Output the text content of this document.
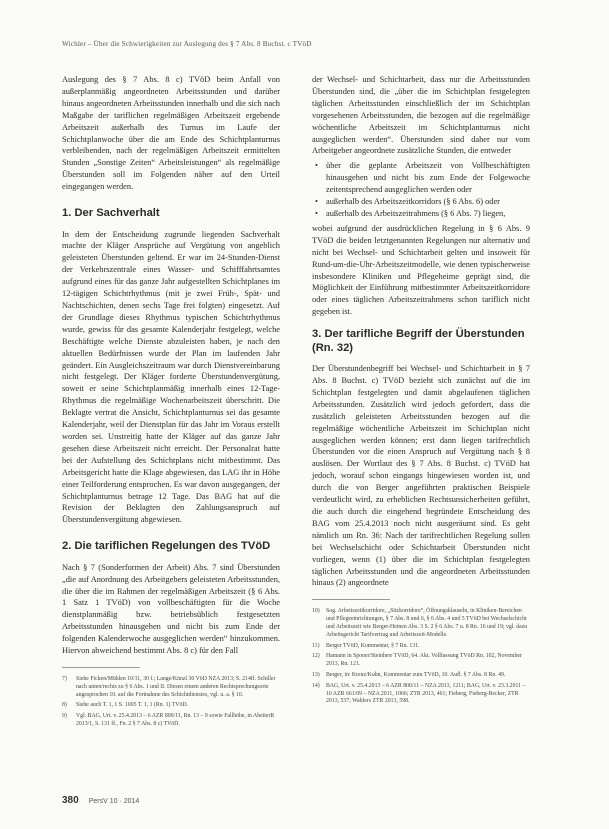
Wichler – Über die Schwierigkeiten zur Auslegung des § 7 Abs. 8 Buchst. c TVöD

Auslegung des § 7 Abs. 8 c) TVöD beim Anfall von außerplanmäßig angeordneten Arbeitsstunden und darüber hinaus angeordneten Arbeitsstunden innerhalb und die sich nach Maßgabe der tariflichen regelmäßigen Arbeitszeit ergebende Arbeitszeit außerhalb des Turnus im Laufe der Schichtplanwoche über die am Ende des Schichtplanturnus verbleibenden, nach der regelmäßigen Arbeitszeit ermittelten Stunden „Sonstige Zeiten“ Arbeitsleistungen“ als regelmäßige Überstunden soll im Folgenden näher auf den Urteil eingegangen werden.

1. Der Sachverhalt

In dem der Entscheidung zugrunde liegenden Sachverhalt machte der Kläger Ansprüche auf Vergütung von angeblich geleisteten Überstunden geltend. Er war im 24-Stunden-Dienst der Verkehrszentrale eines Wasser- und Schifffahrtsamtes aufgrund eines für das ganze Jahr aufgestellten Schichtplanes im 12-tägigen Schichtrhythmus (mit je zwei Früh-, Spät- und Nachtschichten, denen sechs Tage frei folgten) eingesetzt. Auf der Grundlage dieses Rhythmus typischen Schichtrhythmus wurde, gewiss für das gesamte Kalenderjahr festgelegt, welche Beschäftigte welche Dienste abzuleisten haben, je nach den aktuellen Bedürfnissen wurde der Plan im laufenden Jahr geändert. Ein Ausgleichszeitraum war durch Dienstvereinbarung nicht festgelegt. Der Kläger forderte Überstundenvergütung, soweit er seine Schichtplanmäßig innerhalb eines 12-Tage-Rhythmus die regelmäßige Wochenarbeitszeit überschritt. Die Beklagte vertrat die Ansicht, Schichtplanturnus sei das gesamte Kalenderjahr, weil der Dienstplan für das Jahr im Voraus erstellt worden sei. Unstreitig hatte der Kläger auf das ganze Jahr gesehen diese Arbeitszeit nicht erreicht. Der Personalrat hatte bei der Aufstellung des Schichtplans nicht mitbestimmt. Das Arbeitsgericht hatte die Klage abgewiesen, das LAG ihr in Höhe einer Teilforderung entsprochen. Es war davon ausgegangen, der Schichtplanturnus betrage 12 Tage. Das BAG hat auf die Revision der Beklagten den Zahlungsanspruch auf Überstundenvergütung abgewiesen.

2. Die tariflichen Regelungen des TVöD

Nach § 7 (Sonderformen der Arbeit) Abs. 7 sind Überstunden „die auf Anordnung des Arbeitgebers geleisteten Arbeitsstunden, die über die im Rahmen der regelmäßigen Arbeitszeit (§ 6 Abs. 1 Satz 1 TVöD) von vollbeschäftigten für die Woche dienstplanmäßig bzw. betriebsüblich festgesetzten Arbeitsstunden hinausgehen und nicht bis zum Ende der folgenden Kalenderwoche ausgeglichen werden“ hinzukommen. Hiervon abweichend bestimmt Abs. 8 c) für den Fall

7)	Siehe Ficken/Mühlen 10/11, 30 f.; Lange/Künzl 30 VöD NZA 2013; S. 214ff. Schiller nach unten/rechts zu § 6 Abs. 1 und II. Diesen einem anderen Rechtsprechungsorte angesprochen 10. auf die Fortnahme des Schichtdienstes, vgl. u. a. § 10.
8)	Siehe auch T. 1, 1 S. 1005 T. 1, 1 (Rn. 1) TVöD.
9)	Vgl. BAG, Urt. v. 25.4.2013 – 6 AZR 800/11, Rn. 13 – 9 sowie Fallhöhe, in AbeiterR 2013/1, S. 131 ff., Fn. 2 § 7 Abs. 8 c) TVöD.

der Wechsel- und Schichtarbeit, dass nur die Arbeitsstunden Überstunden sind, die „über die im Schichtplan festgelegten täglichen Arbeitsstunden einschließlich der im Schichtplan vorgesehenen Arbeitsstunden, die bezogen auf die regelmäßige wöchentliche Arbeitszeit im Schichtplanturnus nicht ausgeglichen werden“. Überstunden sind daher nur vom Arbeitgeber angeordnete zusätzliche Stunden, die entweder

• über die geplante Arbeitszeit von Vollbeschäftigten hinausgehen und nicht bis zum Ende der Folgewoche zeitentsprechend ausgeglichen werden oder
• außerhalb des Arbeitszeitkorridors (§ 6 Abs. 6) oder
• außerhalb des Arbeitszeitrahmens (§ 6 Abs. 7) liegen,

wobei aufgrund der ausdrücklichen Regelung in § 6 Abs. 9 TVöD die beiden letztgenannten Regelungen nur alternativ und nicht bei Wechsel- und Schichtarbeit gelten und insoweit für Rund-um-die-Uhr-Arbeitszeitmodelle, wie denen typischerweise insbesondere Kliniken und Pflegeheime geprägt sind, die Möglichkeit der Einführung mitbestimmter Arbeitszeitkorridore oder eines täglichen Arbeitszeitrahmens schon tariflich nicht gegeben ist.

3. Der tarifliche Begriff der Überstunden (Rn. 32)

Der Überstundenbegriff bei Wechsel- und Schichtarbeit in § 7 Abs. 8 Buchst. c) TVöD bezieht sich zunächst auf die im Schichtplan festgelegten und damit abgelaufenen täglichen Arbeitsstunden. Zusätzlich wird jedoch gefordert, dass die zusätzlich geleisteten Arbeitsstunden bezogen auf die regelmäßige wöchentliche Arbeitszeit im Schichtplan nicht ausgeglichen werden können; erst dann liegen tarifrechtlich Überstunden vor die einen Anspruch auf Vergütung nach § 8 auslösen. Der Wortlaut des § 7 Abs. 8 Buchst. c) TVöD hat jedoch, worauf schon eingangs hingewiesen worden ist, und durch die von Berger angeführten praktischen Beispiele verdeutlicht wird, zu erheblichen Rechtsunsicherheiten geführt, die auch durch die eingehend begründete Entscheidung des BAG vom 25.4.2013 noch nicht ausgeräumt sind. Es geht nämlich um Rn. 36: Nach der tarifrechtlichen Regelung sollen bei Wechselschicht oder Schichtarbeit Überstunden nicht vorliegen, wenn (1) über die im Schichtplan festgelegten täglichen Arbeitsstunden und die angeordneten Arbeitsstunden hinaus (2) angeordnete

10)	Sog. Arbeitszeitkorridore, „Sitzkorridore“, Öffnungsklauseln, in Kliniken-Bereichen und Pflegeeinrichtungen, § 7 Abs. 8 und 6, § 6 Abs. 4 und 5 TVöD bei Wechselschicht und Arbeitszeit wie Berger-Heinen Abs. 3 S. 2 § 6 Abs. 7 u. 8 Rn. 16 und 19; vgl. dazu Arbeitsgericht Tarifvertrag und Arbeitszeit-Modelle.
11)	Berger TVöD, Kommentar, § 7 Rn. 131.
12)	Hamann in Sponer/Steinherr TVöD, 64. Akt. Vollfassung TVöD Rn. 102, November 2013, Rn. 121.
13)	Berger, in: Kreuz/Kuhn, Kommentar zum TVöD, 10. Aufl. § 7 Abs. 8 Rn. 49.
14)	BAG, Urt. v. 25.4.2013 – 6 AZR 800/11 – NZA 2013, 1211; BAG, Urt. v. 23.3.2011 – 10 AZR 661/09 – NZA 2011, 1066; ZTR 2013, 461; Fieberg, Fieberg-Becker, ZTR 2013, 537; Wahlers ZTR 2013, 598.
380 PersV 10 · 2014
